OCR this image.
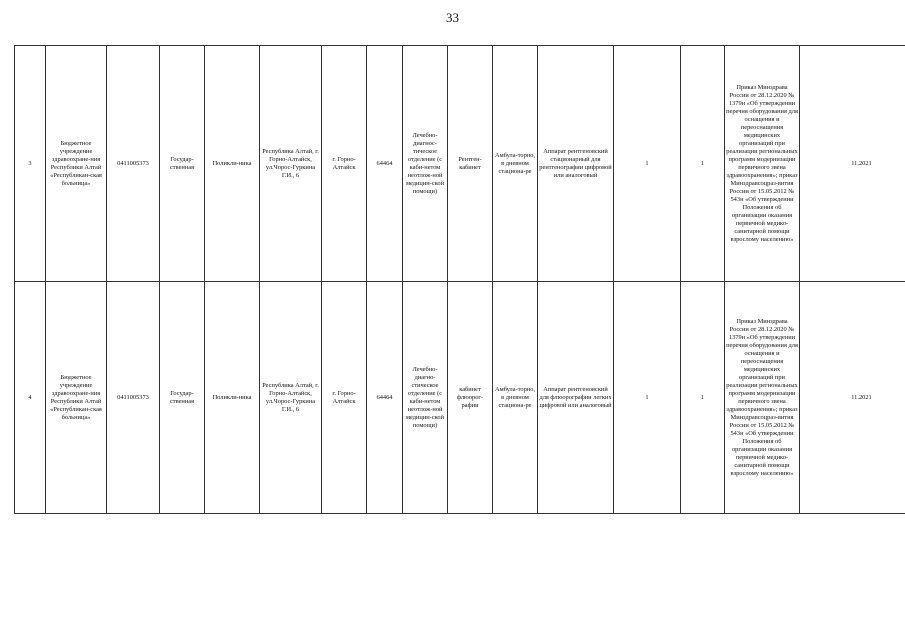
33
3	Бюджетное учреждение здравоохране-ния Республики Алтай «Республикан-ская больница»	0411005373	Государ-ственная	Поликли-ника	Республика Алтай, г. Горно-Алтайск, ул.Чорос-Гуркина Г.И., 6	г. Горно-Алтайск	64464	Лечебно-диагнос-тическое отделение (с каби-нетом неотлож-ной медицин-ской помощи)	Рентген-кабинет	Амбула-торно, в дневном стациона-ре	Аппарат рентгеновский стационарный для рентгенографии цифровой или аналоговый	1	1	Приказ Минздрава России от 28.12.2020 № 1379н «Об утверждении перечня оборудования для оснащения и переоснащения медицинских организаций при реализации региональных программ модернизации первичного звена здравоохранения»; приказ Минздравсоцраз-вития России от 15.05.2012 № 543н «Об утверждении Положения об организации оказания первичной медико-санитарной помощи взрослому населению»	11.2021
4	Бюджетное учреждение здравоохране-ния Республики Алтай «Республикан-ская больница»	0411005373	Государ-ственная	Поликли-ника	Республика Алтай, г. Горно-Алтайск, ул.Чорос-Гуркина Г.И., 6	г. Горно-Алтайск	64464	Лечебно-диагно-стическое отделение (с каби-нетом неотлож-ной медицин-ской помощи)	кабинет флюорог-рафии	Амбула-торно, в дневном стациона-ре	Аппарат рентгеновский для флюорографии легких цифровой или аналоговый	1	1	Приказ Минздрава России от 28.12.2020 № 1379н «Об утверждении перечня оборудования для оснащения и переоснащения медицинских организаций при реализации региональных программ модернизации первичного звена здравоохранения»; приказ Минздравсоцраз-вития России от 15.05.2012 № 543н «Об утверждении Положения об организации оказания первичной медико-санитарной помощи взрослому населению»	11.2021
